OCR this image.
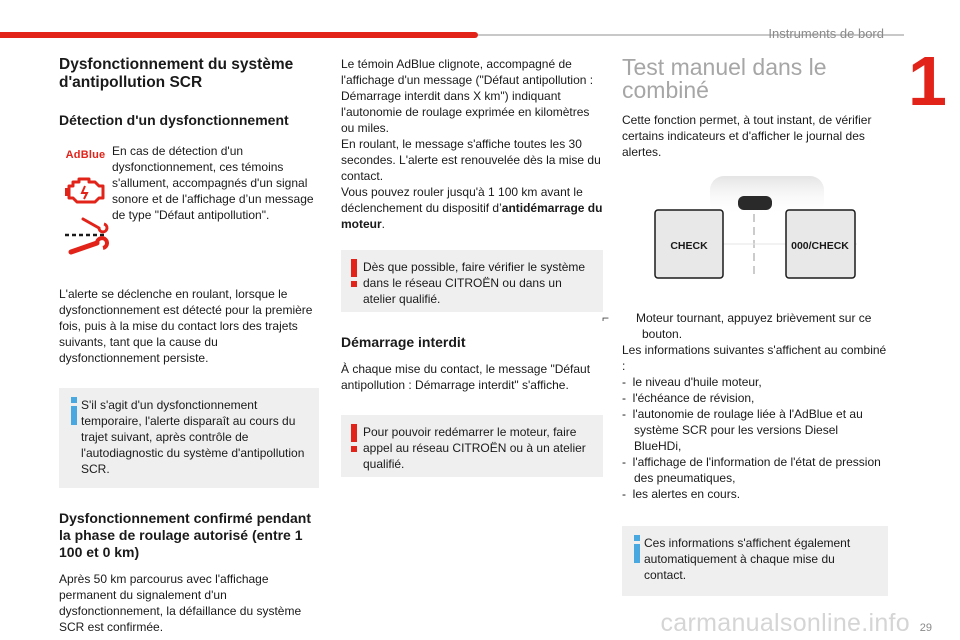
Instruments de bord
1
Dysfonctionnement du système d'antipollution SCR
Détection d'un dysfonctionnement
AdBlue En cas de détection d'un dysfonctionnement, ces témoins s'allument, accompagnés d'un signal sonore et de l'affichage d’un message de type "Défaut antipollution".
L'alerte se déclenche en roulant, lorsque le dysfonctionnement est détecté pour la première fois, puis à la mise du contact lors des trajets suivants, tant que la cause du dysfonctionnement persiste.
S'il s'agit d'un dysfonctionnement temporaire, l'alerte disparaît au cours du trajet suivant, après contrôle de l'autodiagnostic du système d'antipollution SCR.
Dysfonctionnement confirmé pendant la phase de roulage autorisé (entre 1 100 et 0 km)
Après 50 km parcourus avec l'affichage permanent du signalement d'un dysfonctionnement, la défaillance du système SCR est confirmée.
Le témoin AdBlue clignote, accompagné de l'affichage d'un message ("Défaut antipollution : Démarrage interdit dans X km") indiquant l'autonomie de roulage exprimée en kilomètres ou miles.
En roulant, le message s'affiche toutes les 30 secondes. L'alerte est renouvelée dès la mise du contact.
Vous pouvez rouler jusqu'à 1 100 km avant le déclenchement du dispositif d’antidémarrage du moteur.
Dès que possible, faire vérifier le système dans le réseau CITROËN ou dans un atelier qualifié.
Démarrage interdit
À chaque mise du contact, le message "Défaut antipollution : Démarrage interdit" s'affiche.
Pour pouvoir redémarrer le moteur, faire appel au réseau CITROËN ou à un atelier qualifié.
Test manuel dans le combiné
Cette fonction permet, à tout instant, de vérifier certains indicateurs et d'afficher le journal des alertes.
CHECK	000/CHECK
⌐ Moteur tournant, appuyez brièvement sur ce bouton.
Les informations suivantes s'affichent au combiné :
-  le niveau d'huile moteur,
-  l'échéance de révision,
-  l'autonomie de roulage liée à l'AdBlue et au système SCR pour les versions Diesel BlueHDi,
-  l'affichage de l'information de l'état de pression des pneumatiques,
-  les alertes en cours.
Ces informations s'affichent également automatiquement à chaque mise du contact.
carmanualsonline.info 29
